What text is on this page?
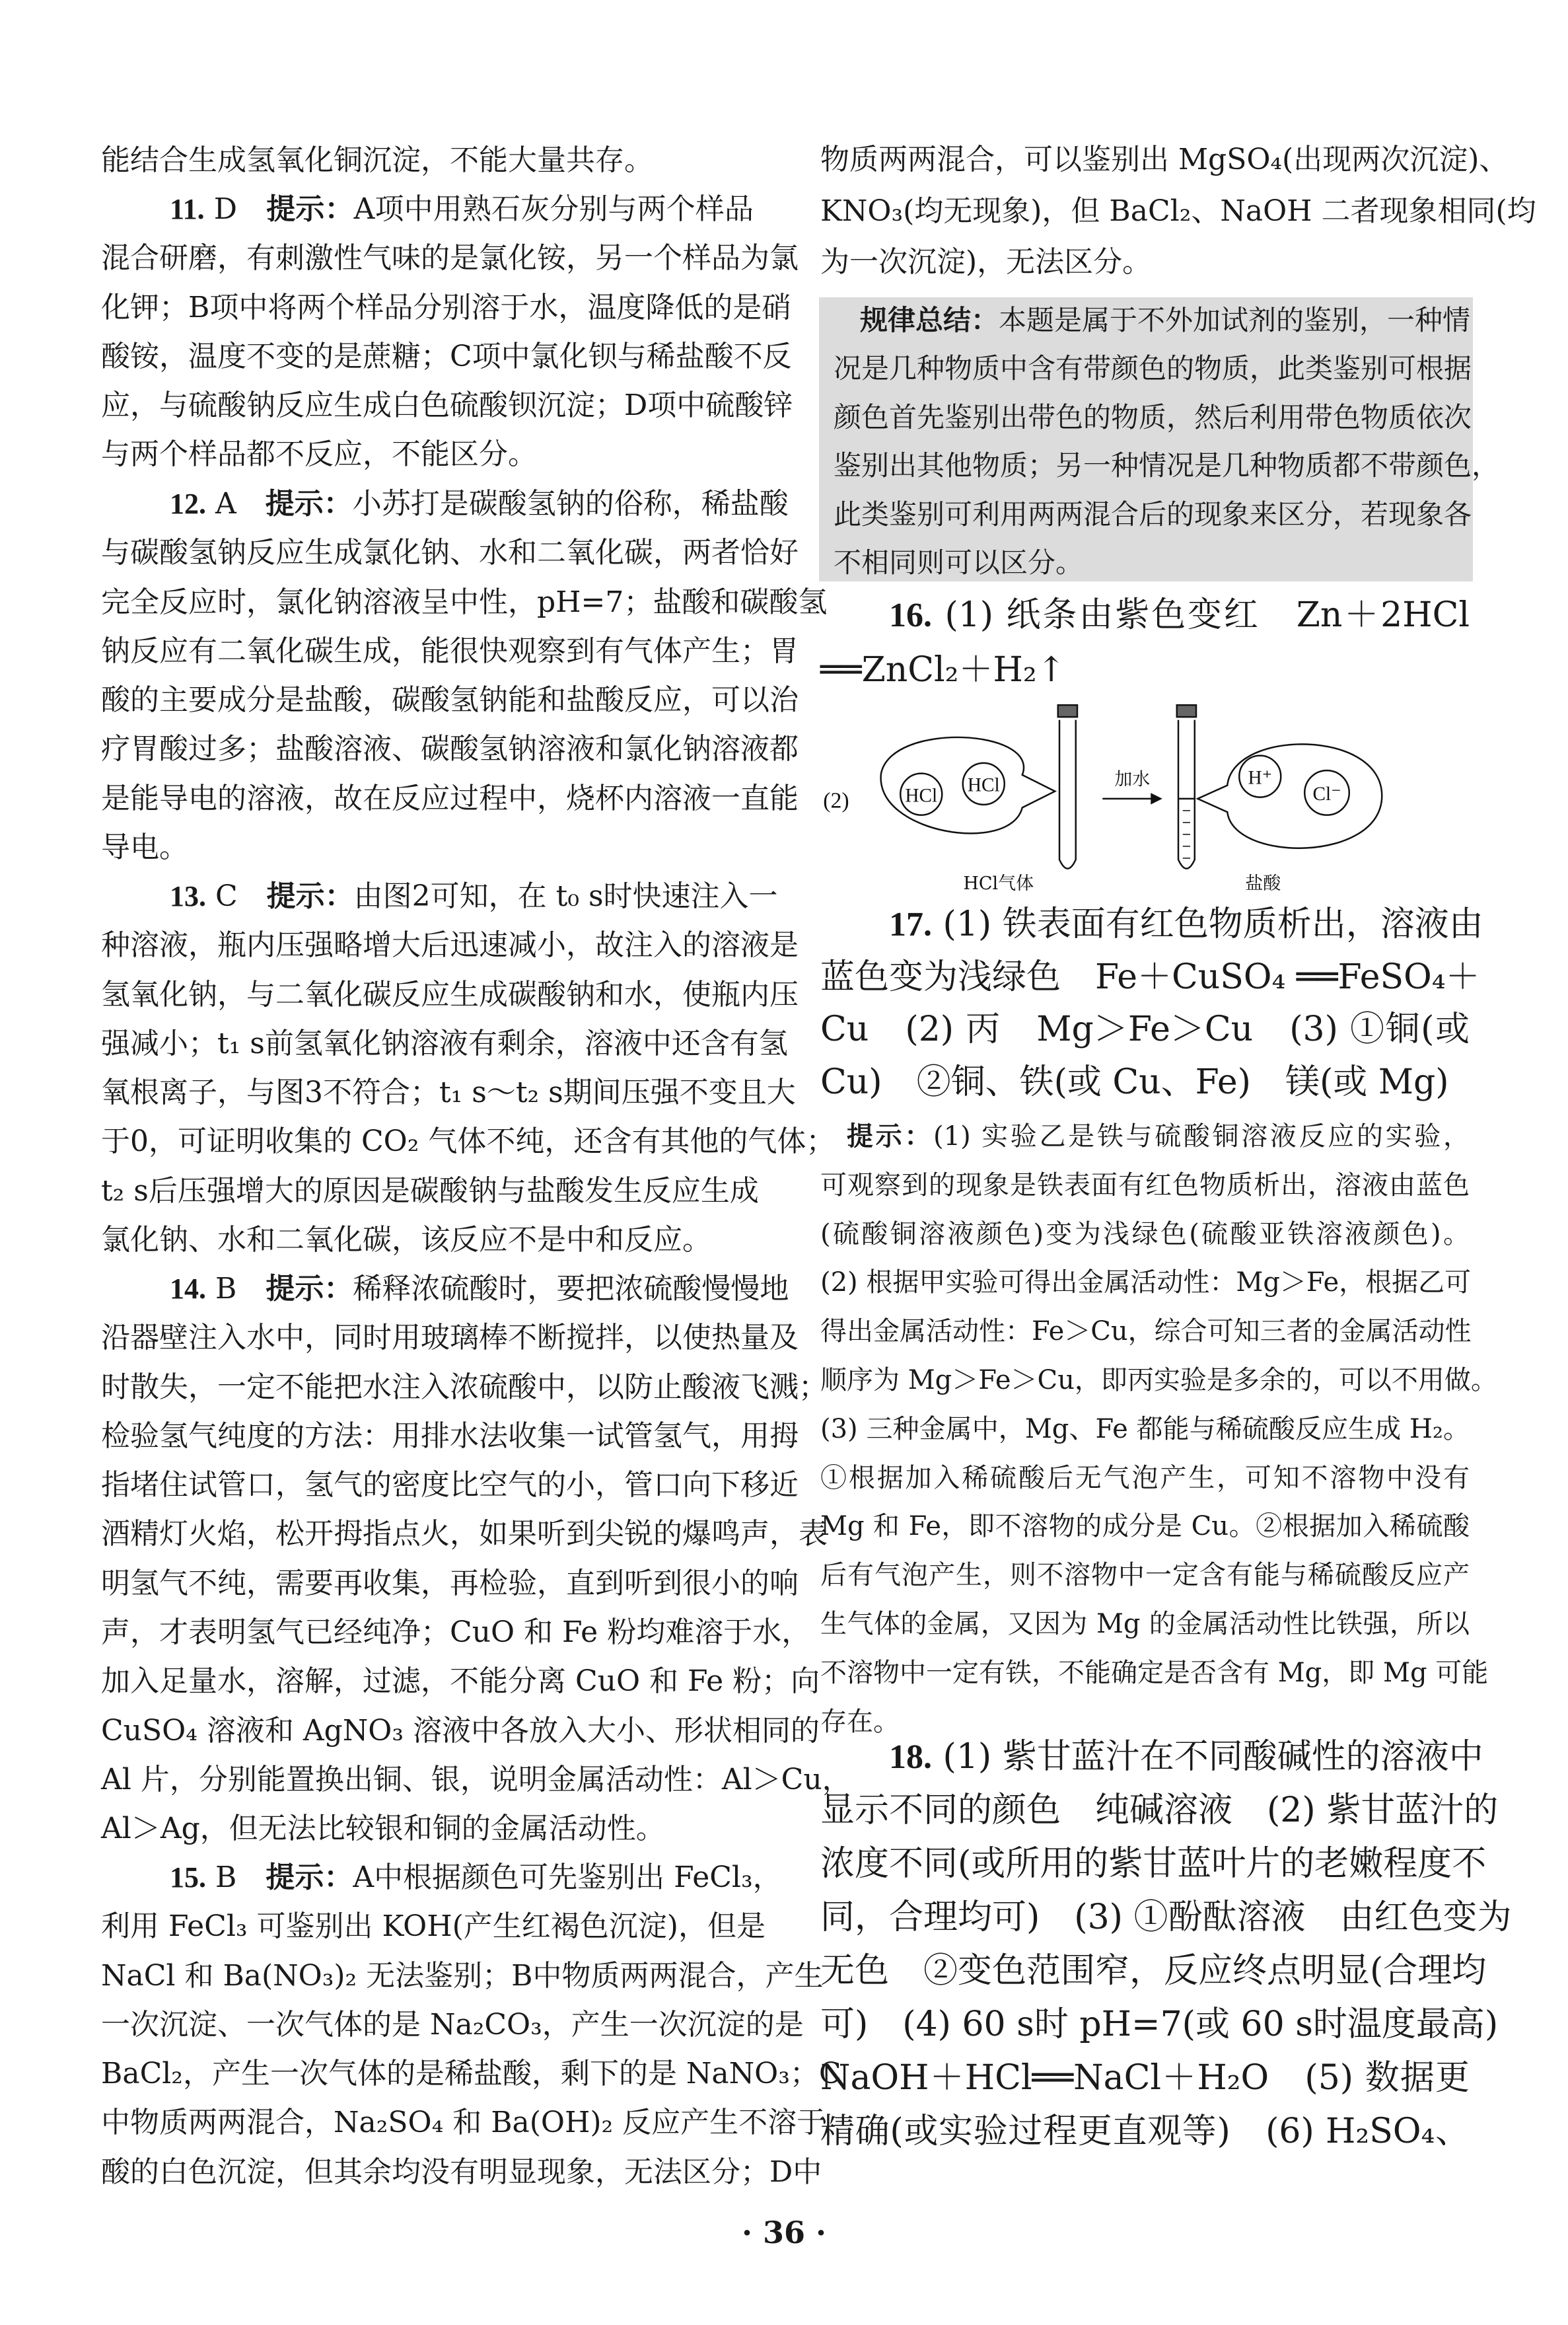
能结合生成氢氧化铜沉淀，不能大量共存。
11. D　 提示：A项中用熟石灰分别与两个样品
混合研磨，有刺激性气味的是氯化铵，另一个样品为氯
化钾；B项中将两个样品分别溶于水，温度降低的是硝
酸铵，温度不变的是蔗糖；C项中氯化钡与稀盐酸不反
应，与硫酸钠反应生成白色硫酸钡沉淀；D项中硫酸锌
与两个样品都不反应，不能区分。
12. A　 提示：小苏打是碳酸氢钠的俗称，稀盐酸
与碳酸氢钠反应生成氯化钠、水和二氧化碳，两者恰好
完全反应时，氯化钠溶液呈中性，pH=7；盐酸和碳酸氢
钠反应有二氧化碳生成，能很快观察到有气体产生；胃
酸的主要成分是盐酸，碳酸氢钠能和盐酸反应，可以治
疗胃酸过多；盐酸溶液、碳酸氢钠溶液和氯化钠溶液都
是能导电的溶液，故在反应过程中，烧杯内溶液一直能
导电。
13. C　 提示：由图2可知，在 t₀ s时快速注入一
种溶液，瓶内压强略增大后迅速减小，故注入的溶液是
氢氧化钠，与二氧化碳反应生成碳酸钠和水，使瓶内压
强减小；t₁ s前氢氧化钠溶液有剩余，溶液中还含有氢
氧根离子，与图3不符合；t₁ s～t₂ s期间压强不变且大
于0，可证明收集的 CO₂ 气体不纯，还含有其他的气体；
t₂ s后压强增大的原因是碳酸钠与盐酸发生反应生成
氯化钠、水和二氧化碳，该反应不是中和反应。
14. B　 提示：稀释浓硫酸时，要把浓硫酸慢慢地
沿器壁注入水中，同时用玻璃棒不断搅拌，以使热量及
时散失，一定不能把水注入浓硫酸中，以防止酸液飞溅；
检验氢气纯度的方法：用排水法收集一试管氢气，用拇
指堵住试管口，氢气的密度比空气的小，管口向下移近
酒精灯火焰，松开拇指点火，如果听到尖锐的爆鸣声，表
明氢气不纯，需要再收集，再检验，直到听到很小的响
声，才表明氢气已经纯净；CuO 和 Fe 粉均难溶于水，
加入足量水，溶解，过滤，不能分离 CuO 和 Fe 粉；向
CuSO₄ 溶液和 AgNO₃ 溶液中各放入大小、形状相同的
Al 片，分别能置换出铜、银，说明金属活动性：Al＞Cu，
Al＞Ag，但无法比较银和铜的金属活动性。
15. B　 提示：A中根据颜色可先鉴别出 FeCl₃，
利用 FeCl₃ 可鉴别出 KOH(产生红褐色沉淀)，但是
NaCl 和 Ba(NO₃)₂ 无法鉴别；B中物质两两混合，产生
一次沉淀、一次气体的是 Na₂CO₃，产生一次沉淀的是
BaCl₂，产生一次气体的是稀盐酸，剩下的是 NaNO₃；C
中物质两两混合，Na₂SO₄ 和 Ba(OH)₂ 反应产生不溶于
酸的白色沉淀，但其余均没有明显现象，无法区分；D中
物质两两混合，可以鉴别出 MgSO₄(出现两次沉淀)、
KNO₃(均无现象)，但 BaCl₂、NaOH 二者现象相同(均
为一次沉淀)，无法区分。
规律总结：本题是属于不外加试剂的鉴别，一种情
况是几种物质中含有带颜色的物质，此类鉴别可根据
颜色首先鉴别出带色的物质，然后利用带色物质依次
鉴别出其他物质；另一种情况是几种物质都不带颜色，
此类鉴别可利用两两混合后的现象来区分，若现象各
不相同则可以区分。
16. (1) 纸条由紫色变红　Zn＋2HCl
══ZnCl₂＋H₂↑
17. (1) 铁表面有红色物质析出，溶液由
蓝色变为浅绿色　Fe＋CuSO₄ ══FeSO₄＋
Cu　(2) 丙　Mg＞Fe＞Cu　(3) ①铜(或
Cu)　②铜、铁(或 Cu、Fe)　镁(或 Mg)
提示：(1) 实验乙是铁与硫酸铜溶液反应的实验，
可观察到的现象是铁表面有红色物质析出，溶液由蓝色
(硫酸铜溶液颜色)变为浅绿色(硫酸亚铁溶液颜色)。
(2) 根据甲实验可得出金属活动性：Mg＞Fe，根据乙可
得出金属活动性：Fe＞Cu，综合可知三者的金属活动性
顺序为 Mg＞Fe＞Cu，即丙实验是多余的，可以不用做。
(3) 三种金属中，Mg、Fe 都能与稀硫酸反应生成 H₂。
①根据加入稀硫酸后无气泡产生，可知不溶物中没有
Mg 和 Fe，即不溶物的成分是 Cu。②根据加入稀硫酸
后有气泡产生，则不溶物中一定含有能与稀硫酸反应产
生气体的金属，又因为 Mg 的金属活动性比铁强，所以
不溶物中一定有铁，不能确定是否含有 Mg，即 Mg 可能
存在。
18. (1) 紫甘蓝汁在不同酸碱性的溶液中
显示不同的颜色　纯碱溶液　(2) 紫甘蓝汁的
浓度不同(或所用的紫甘蓝叶片的老嫩程度不
同，合理均可)　(3) ①酚酞溶液　由红色变为
无色　②变色范围窄，反应终点明显(合理均
可)　(4) 60 s时 pH=7(或 60 s时温度最高)
NaOH＋HCl══NaCl＋H₂O　(5) 数据更
精确(或实验过程更直观等)　(6) H₂SO₄、
(2)	HCl	HCl	加水	H⁺
Cl⁻
HCl气体	盐酸
· 36 ·
